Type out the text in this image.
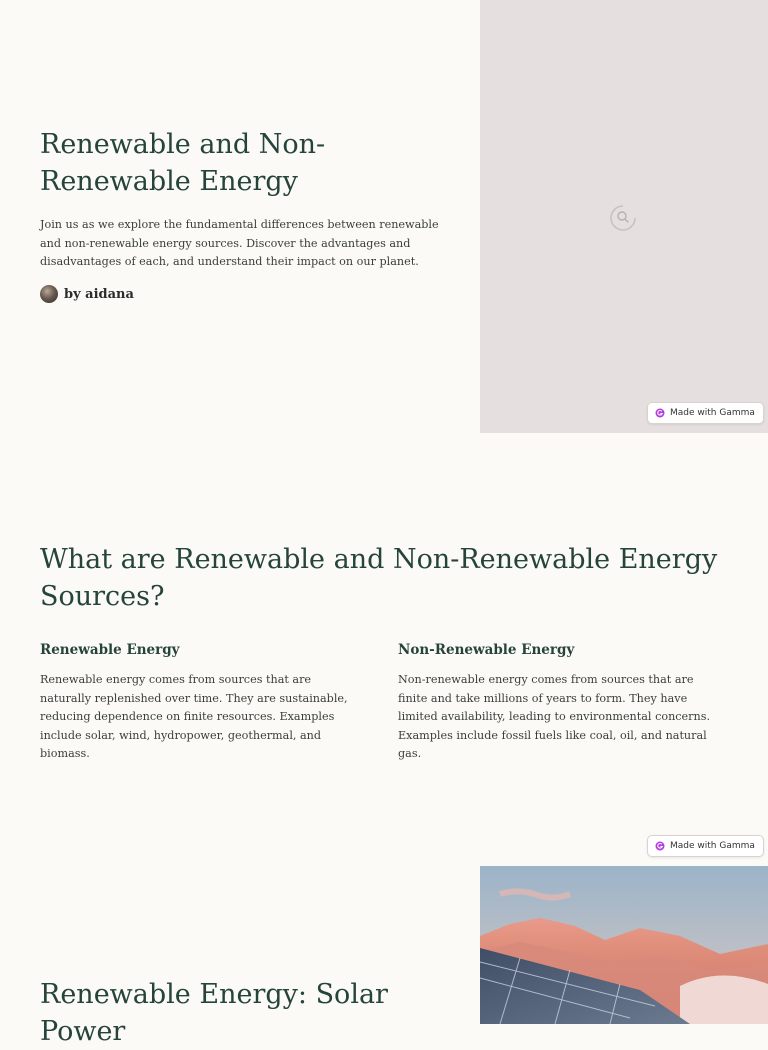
Renewable and Non-Renewable Energy

Join us as we explore the fundamental differences between renewable and non-renewable energy sources. Discover the advantages and disadvantages of each, and understand their impact on our planet.

by aidana
Made with Gamma
What are Renewable and Non-Renewable Energy Sources?
Renewable Energy

Renewable energy comes from sources that are naturally replenished over time. They are sustainable, reducing dependence on finite resources. Examples include solar, wind, hydropower, geothermal, and biomass.

Non-Renewable Energy

Non-renewable energy comes from sources that are finite and take millions of years to form. They have limited availability, leading to environmental concerns. Examples include fossil fuels like coal, oil, and natural gas.

Made with Gamma
Renewable Energy: Solar
Power
